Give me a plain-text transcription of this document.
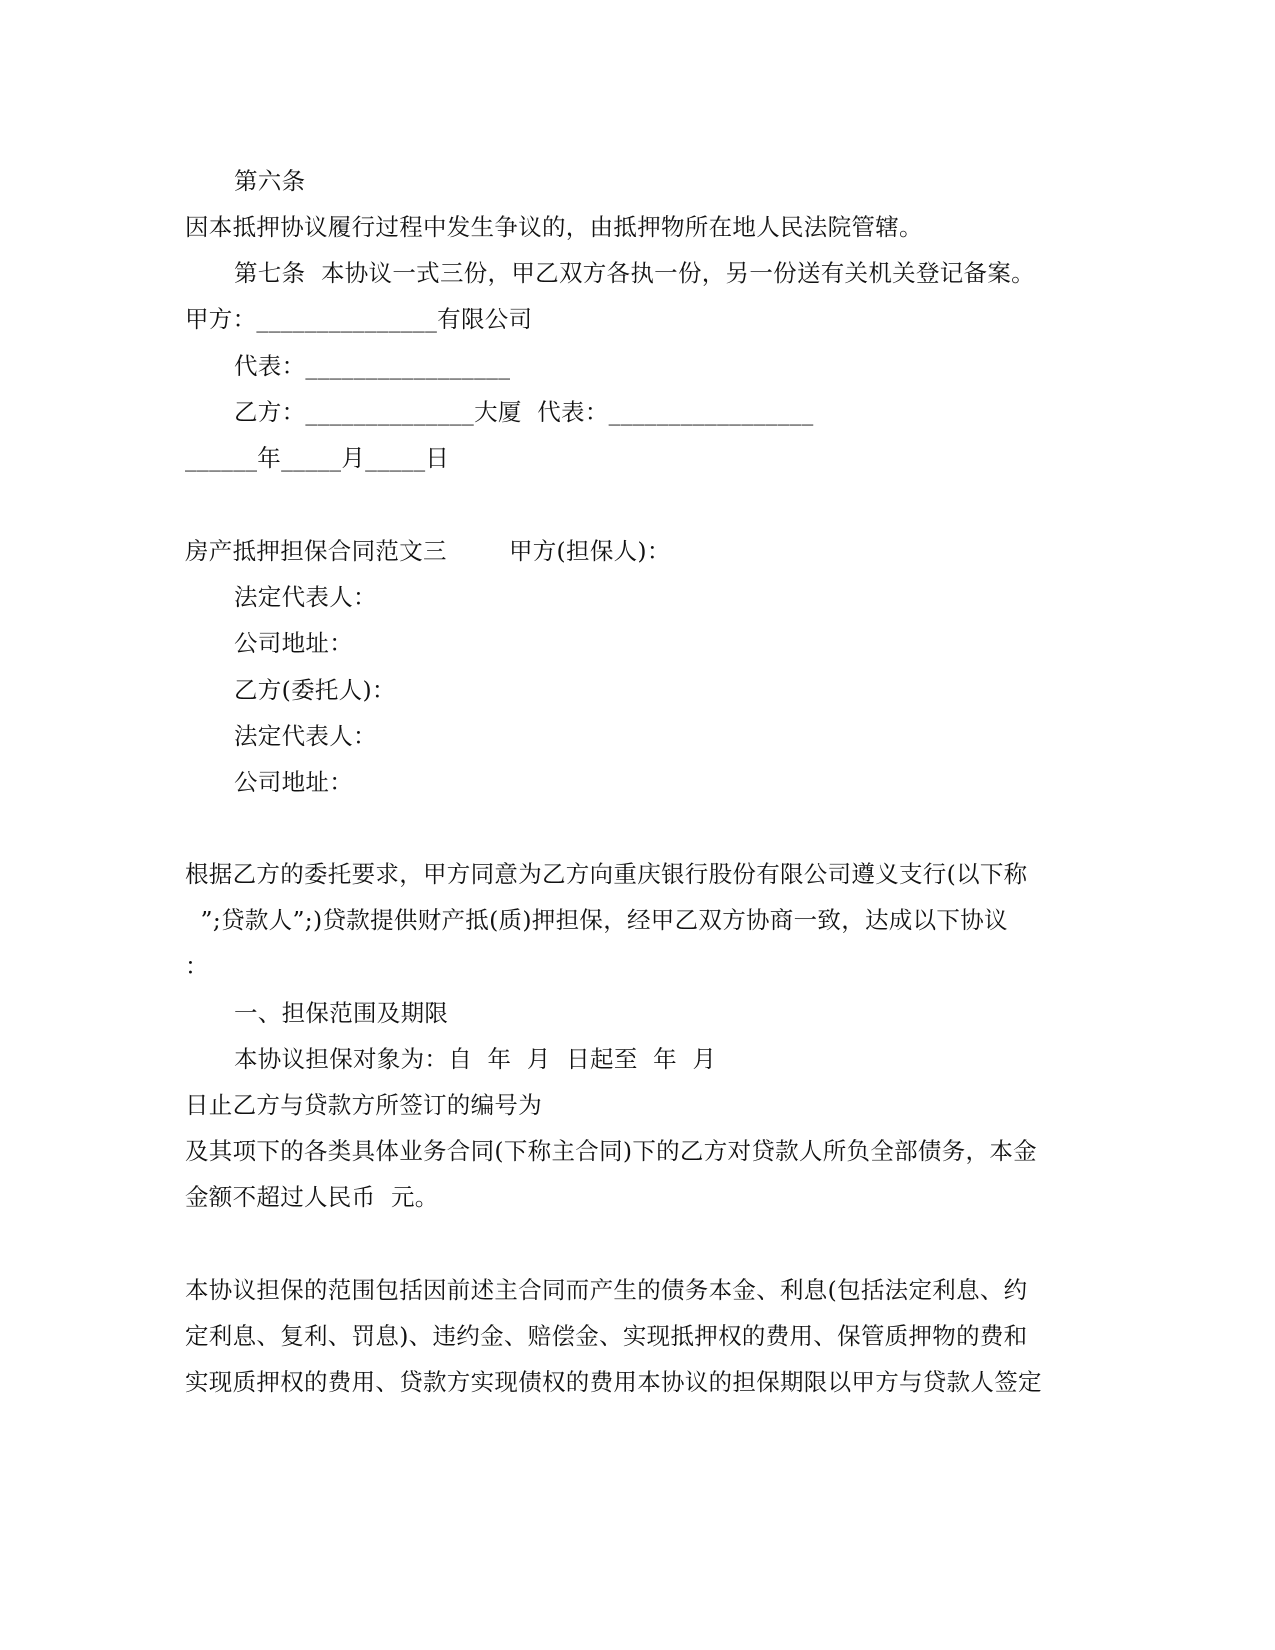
第六条
因本抵押协议履行过程中发生争议的，由抵押物所在地人民法院管辖。
第七条  本协议一式三份，甲乙双方各执一份，另一份送有关机关登记备案。
甲方：_______________有限公司
代表：_________________
乙方：______________大厦  代表：_________________
______年_____月_____日
房产抵押担保合同范文三        甲方(担保人)：
法定代表人：
公司地址：
乙方(委托人)：
法定代表人：
公司地址：
根据乙方的委托要求，甲方同意为乙方向重庆银行股份有限公司遵义支行(以下称
”;贷款人”;)贷款提供财产抵(质)押担保，经甲乙双方协商一致，达成以下协议
：
一、担保范围及期限
本协议担保对象为：自  年  月  日起至  年  月
日止乙方与贷款方所签订的编号为
及其项下的各类具体业务合同(下称主合同)下的乙方对贷款人所负全部债务，本金
金额不超过人民币  元。
本协议担保的范围包括因前述主合同而产生的债务本金、利息(包括法定利息、约
定利息、复利、罚息)、违约金、赔偿金、实现抵押权的费用、保管质押物的费和
实现质押权的费用、贷款方实现债权的费用本协议的担保期限以甲方与贷款人签定
